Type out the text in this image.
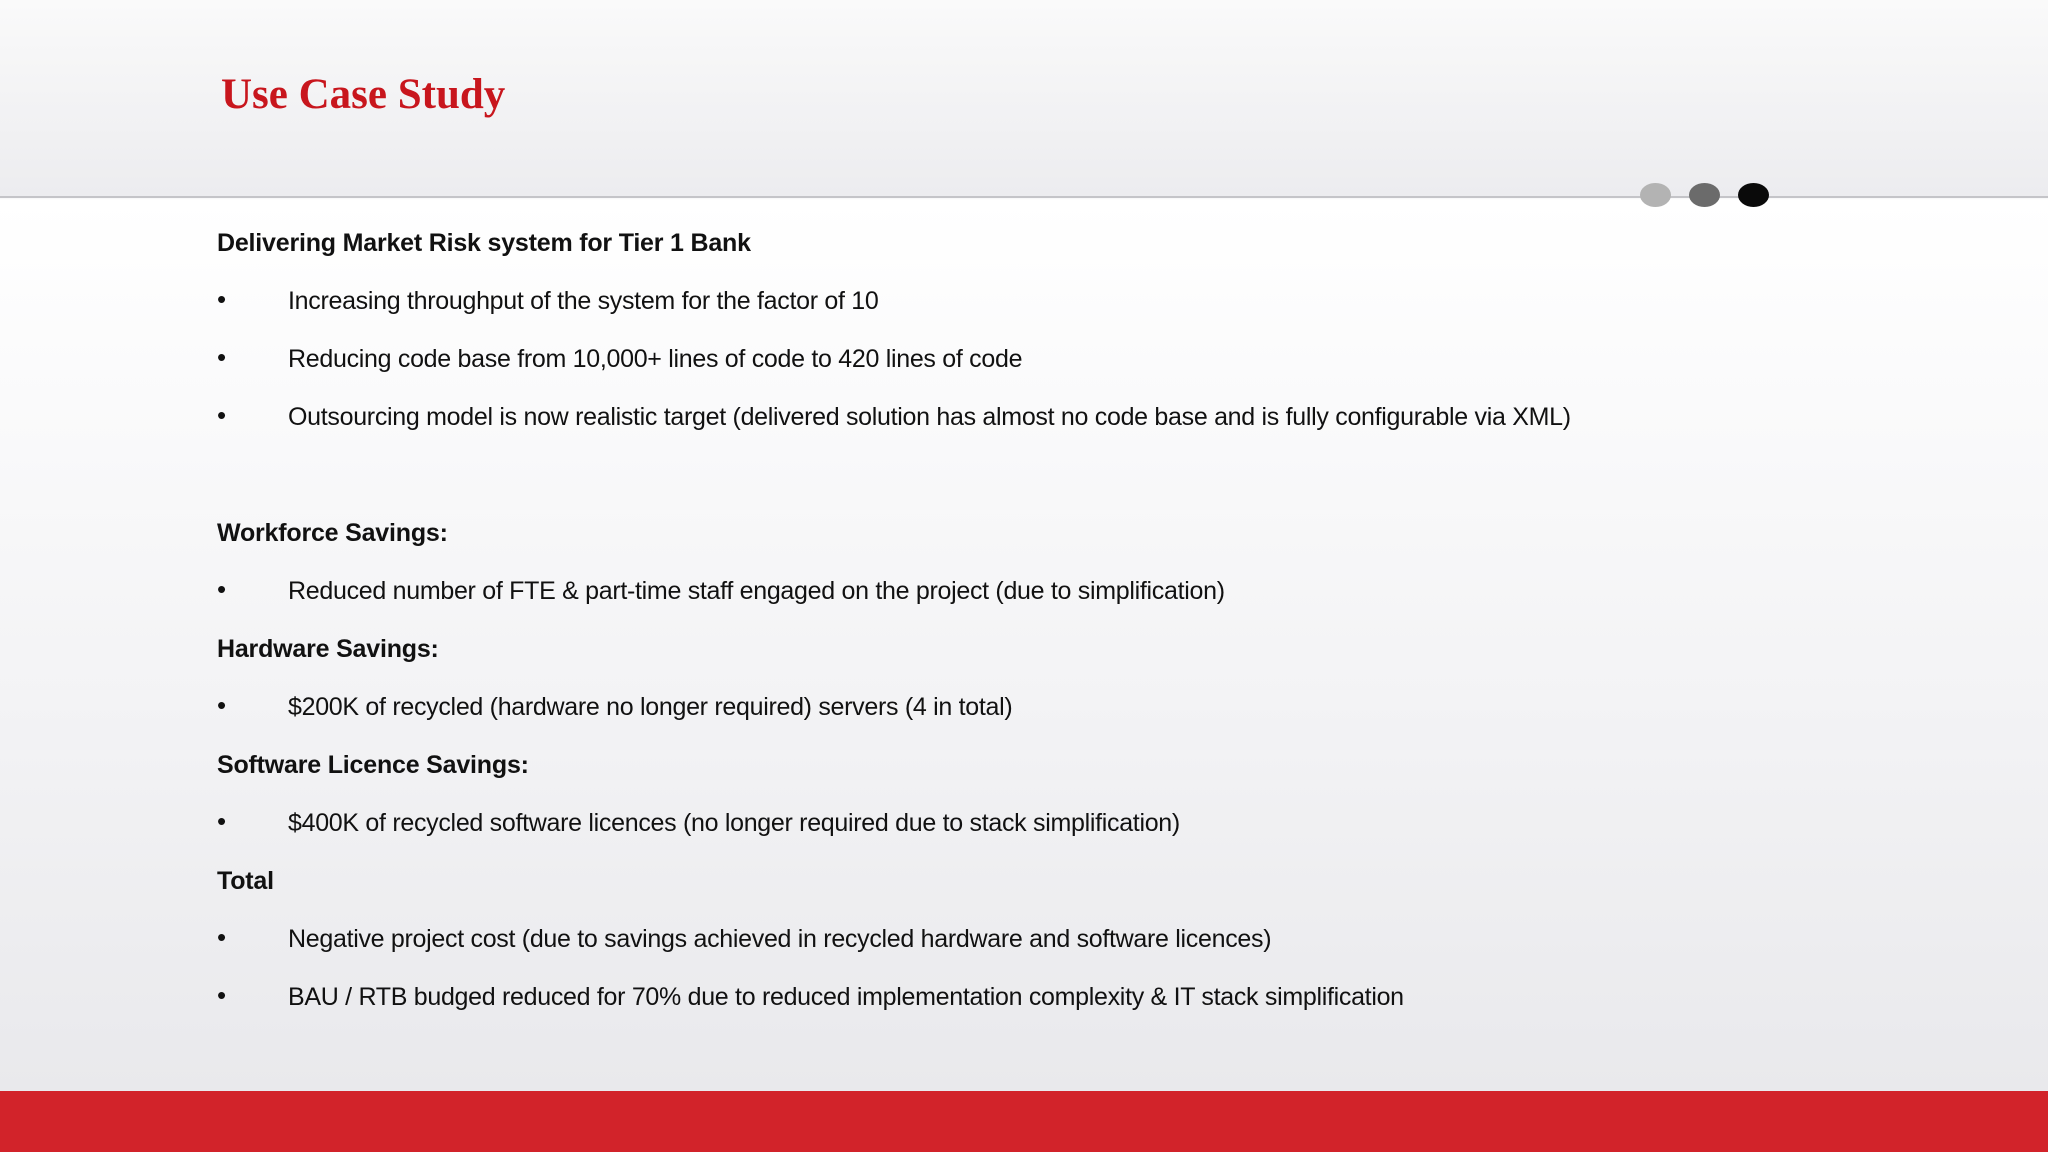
Use Case Study
Delivering Market Risk system for Tier 1 Bank
• Increasing throughput of the system for the factor of 10
• Reducing code base from 10,000+ lines of code to 420 lines of code
• Outsourcing model is now realistic target (delivered solution has almost no code base and is fully configurable via XML)
Workforce Savings:
• Reduced number of FTE & part-time staff engaged on the project (due to simplification)
Hardware Savings:
• $200K of recycled (hardware no longer required) servers (4 in total)
Software Licence Savings:
• $400K of recycled software licences (no longer required due to stack simplification)
Total
• Negative project cost (due to savings achieved in recycled hardware and software licences)
• BAU / RTB budged reduced for 70% due to reduced implementation complexity & IT stack simplification
